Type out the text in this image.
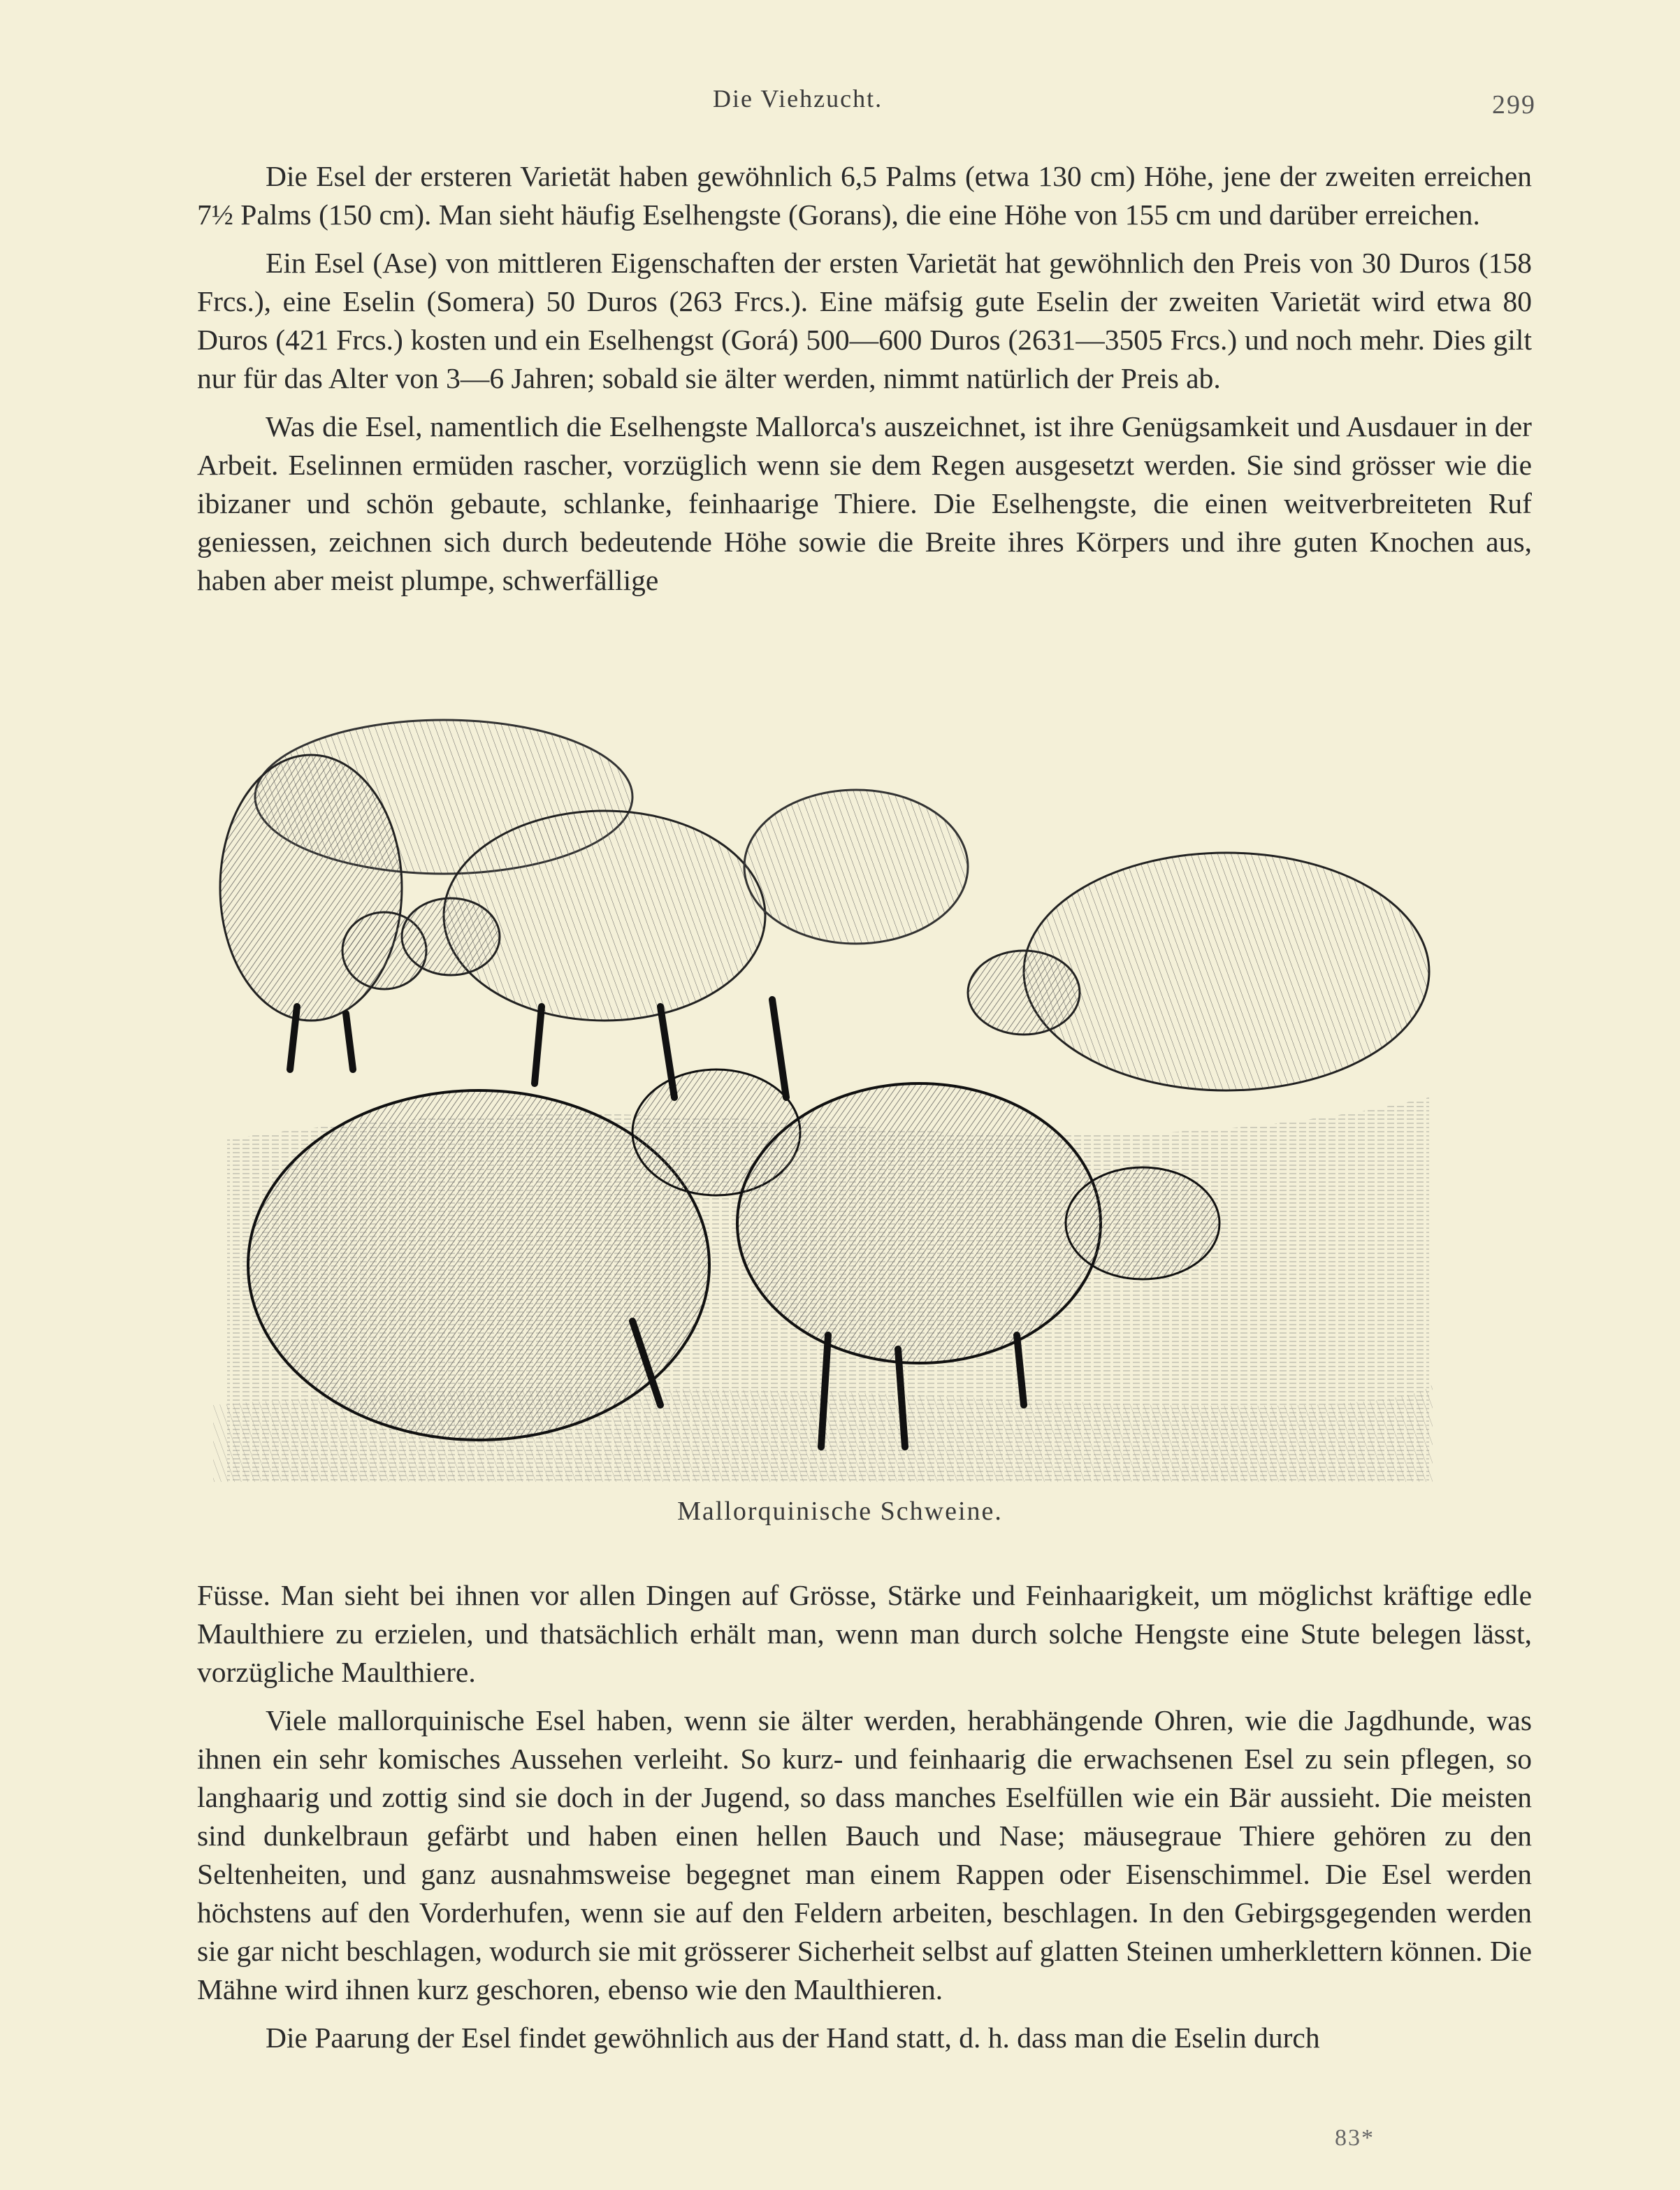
Die Viehzucht.	299

Die Esel der ersteren Varietät haben gewöhnlich 6,5 Palms (etwa 130 cm) Höhe, jene der zweiten erreichen 7½ Palms (150 cm). Man sieht häufig Eselhengste (Gorans), die eine Höhe von 155 cm und darüber erreichen.

Ein Esel (Ase) von mittleren Eigenschaften der ersten Varietät hat gewöhnlich den Preis von 30 Duros (158 Frcs.), eine Eselin (Somera) 50 Duros (263 Frcs.). Eine mäfsig gute Eselin der zweiten Varietät wird etwa 80 Duros (421 Frcs.) kosten und ein Eselhengst (Gorá) 500—600 Duros (2631—3505 Frcs.) und noch mehr. Dies gilt nur für das Alter von 3—6 Jahren; sobald sie älter werden, nimmt natürlich der Preis ab.

Was die Esel, namentlich die Eselhengste Mallorca's auszeichnet, ist ihre Genügsamkeit und Ausdauer in der Arbeit. Eselinnen ermüden rascher, vorzüglich wenn sie dem Regen ausgesetzt werden. Sie sind grösser wie die ibizaner und schön gebaute, schlanke, feinhaarige Thiere. Die Eselhengste, die einen weitverbreiteten Ruf geniessen, zeichnen sich durch bedeutende Höhe sowie die Breite ihres Körpers und ihre guten Knochen aus, haben aber meist plumpe, schwerfällige

Mallorquinische Schweine.

Füsse. Man sieht bei ihnen vor allen Dingen auf Grösse, Stärke und Feinhaarigkeit, um möglichst kräftige edle Maulthiere zu erzielen, und thatsächlich erhält man, wenn man durch solche Hengste eine Stute belegen lässt, vorzügliche Maulthiere.

Viele mallorquinische Esel haben, wenn sie älter werden, herabhängende Ohren, wie die Jagdhunde, was ihnen ein sehr komisches Aussehen verleiht. So kurz- und feinhaarig die erwachsenen Esel zu sein pflegen, so langhaarig und zottig sind sie doch in der Jugend, so dass manches Eselfüllen wie ein Bär aussieht. Die meisten sind dunkelbraun gefärbt und haben einen hellen Bauch und Nase; mäusegraue Thiere gehören zu den Seltenheiten, und ganz ausnahmsweise begegnet man einem Rappen oder Eisenschimmel. Die Esel werden höchstens auf den Vorderhufen, wenn sie auf den Feldern arbeiten, beschlagen. In den Gebirgsgegenden werden sie gar nicht beschlagen, wodurch sie mit grösserer Sicherheit selbst auf glatten Steinen umherklettern können. Die Mähne wird ihnen kurz geschoren, ebenso wie den Maulthieren.

Die Paarung der Esel findet gewöhnlich aus der Hand statt, d. h. dass man die Eselin durch

83*
